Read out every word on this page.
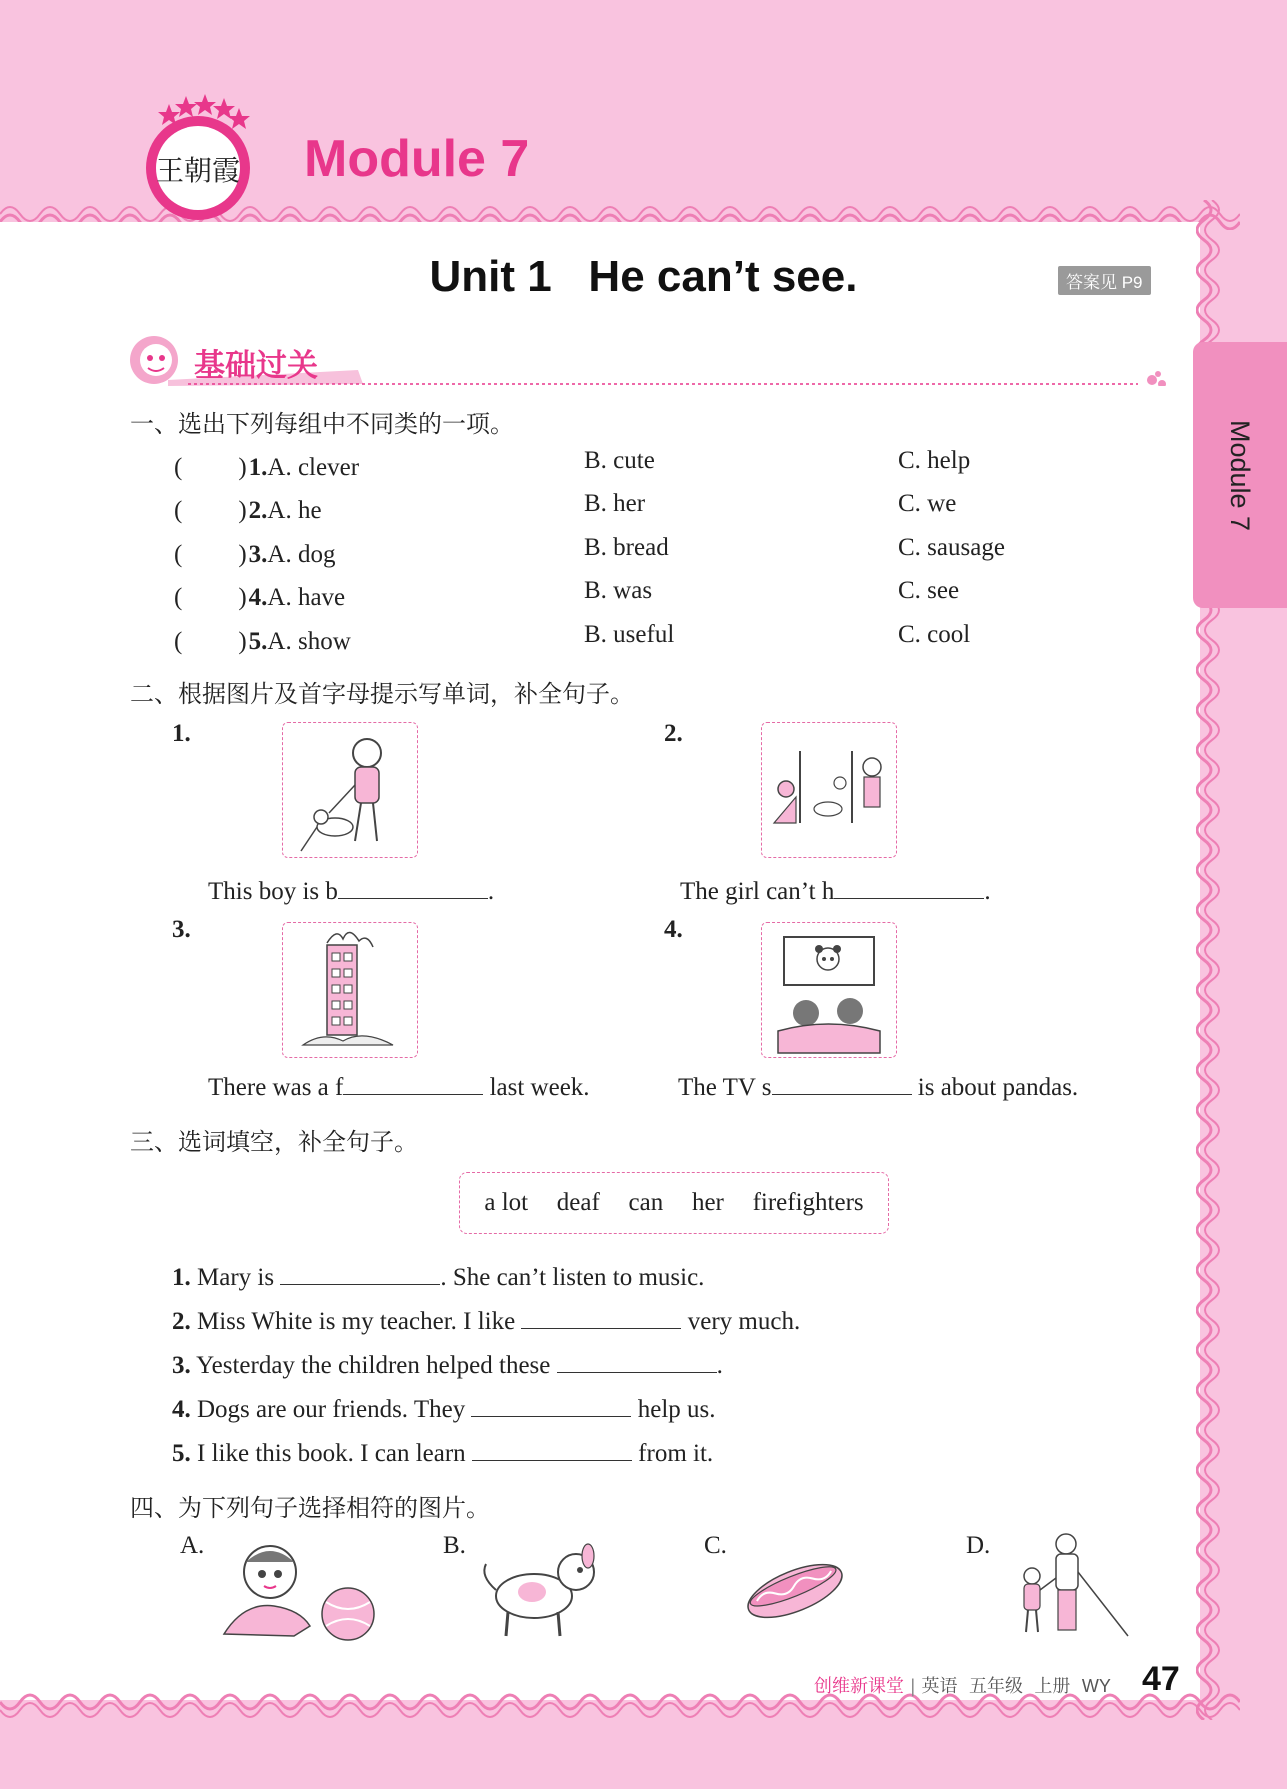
王朝霞 Module 7
Unit 1   He can’t see.	答案见 P9
Module 7
基础过关
一、选出下列每组中不同类的一项。
(　　)1.A. clever	B. cute	C. help
(　　)2.A. he	B. her	C. we
(　　)3.A. dog	B. bread	C. sausage
(　　)4.A. have	B. was	C. see
(　　)5.A. show	B. useful	C. cool
二、根据图片及首字母提示写单词，补全句子。
1.
This boy is b	.
2.
The girl can’t h	.
3.
There was a f	last week.
4.
The TV s	is about pandas.
三、选词填空，补全句子。
a lot deaf can her firefighters
1. Mary is	. She can’t listen to music.
2. Miss White is my teacher. I like	very much.
3. Yesterday the children helped these	.
4. Dogs are our friends. They	help us.
5. I like this book. I can learn	from it.
四、为下列句子选择相符的图片。
A.	B.	C.	D.
创维新课堂 | 英语 五年级 上册 WY 47
